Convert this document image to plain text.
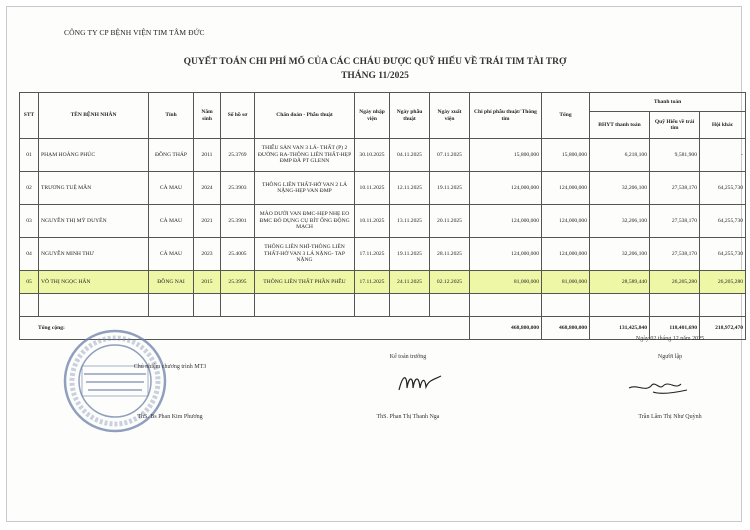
CÔNG TY CP BỆNH VIỆN TIM TÂM ĐỨC
QUYẾT TOÁN CHI PHÍ MỔ CỦA CÁC CHÁU ĐƯỢC QUỸ HIẾU VỀ TRÁI TIM TÀI TRỢ
THÁNG 11/2025
STT	TÊN BỆNH NHÂN	Tỉnh	Năm sinh	Số hồ sơ	Chẩn đoán - Phẫu thuật	Ngày nhập viện	Ngày phẫu thuật	Ngày xuất viện	Chi phí phẫu thuật/ Thông tim	Tổng	Thanh toán		
											BHYT thanh toán	Quỹ Hiếu về trái tim	Hội khác
01	PHẠM HOÀNG PHÚC	ĐỒNG THÁP	2011	25.3769	THIỂU SẢN VAN 3 LÁ- THẤT (P) 2 ĐƯỜNG RA-THÔNG LIÊN THẤT-HẸP ĐMP ĐÃ PT GLENN	30.10.2025	04.11.2025	07.11.2025	15,800,000	15,800,000	6,218,100	9,581,900	-
02	TRƯƠNG TUỆ MẪN	CÀ MAU	2024	25.3903	THÔNG LIÊN THẤT-HỞ VAN 2 LÁ NẶNG-HẸP VAN ĐMP	10.11.2025	12.11.2025	19.11.2025	124,000,000	124,000,000	32,206,100	27,538,170	64,255,730
03	NGUYỄN THỊ MỸ DUYÊN	CÀ MAU	2021	25.3901	MÀO DƯỚI VAN ĐMC-HẸP NHẸ EO ĐMC ĐÓ DỤNG CỤ BÍT ỐNG ĐỘNG MẠCH	10.11.2025	13.11.2025	20.11.2025	124,000,000	124,000,000	32,206,100	27,538,170	64,255,730
04	NGUYỄN MINH THƯ	CÀ MAU	2023	25.4005	THÔNG LIÊN NHĨ-THÔNG LIÊN THẤT-HỞ VAN 3 LÁ NẶNG- TAP NẶNG	17.11.2025	19.11.2025	28.11.2025	124,000,000	124,000,000	32,206,100	27,538,170	64,255,730
05	VÕ THỊ NGỌC HÂN	ĐỒNG NAI	2015	25.3995	THÔNG LIÊN THẤT PHẦN PHỄU	17.11.2025	24.11.2025	02.12.2025	81,000,000	81,000,000	28,589,440	26,205,280	26,205,280

Tổng cộng:									468,800,000	468,800,000	131,425,840	118,401,690	218,972,470
Chủ nhiệm chương trình MT3
ThS. Bs Phan Kim Phương
Kế toán trưởng
ThS. Phan Thị Thanh Nga
Ngày 02 tháng 12 năm 2025
Người lập
Trần Lâm Thị Như Quỳnh
